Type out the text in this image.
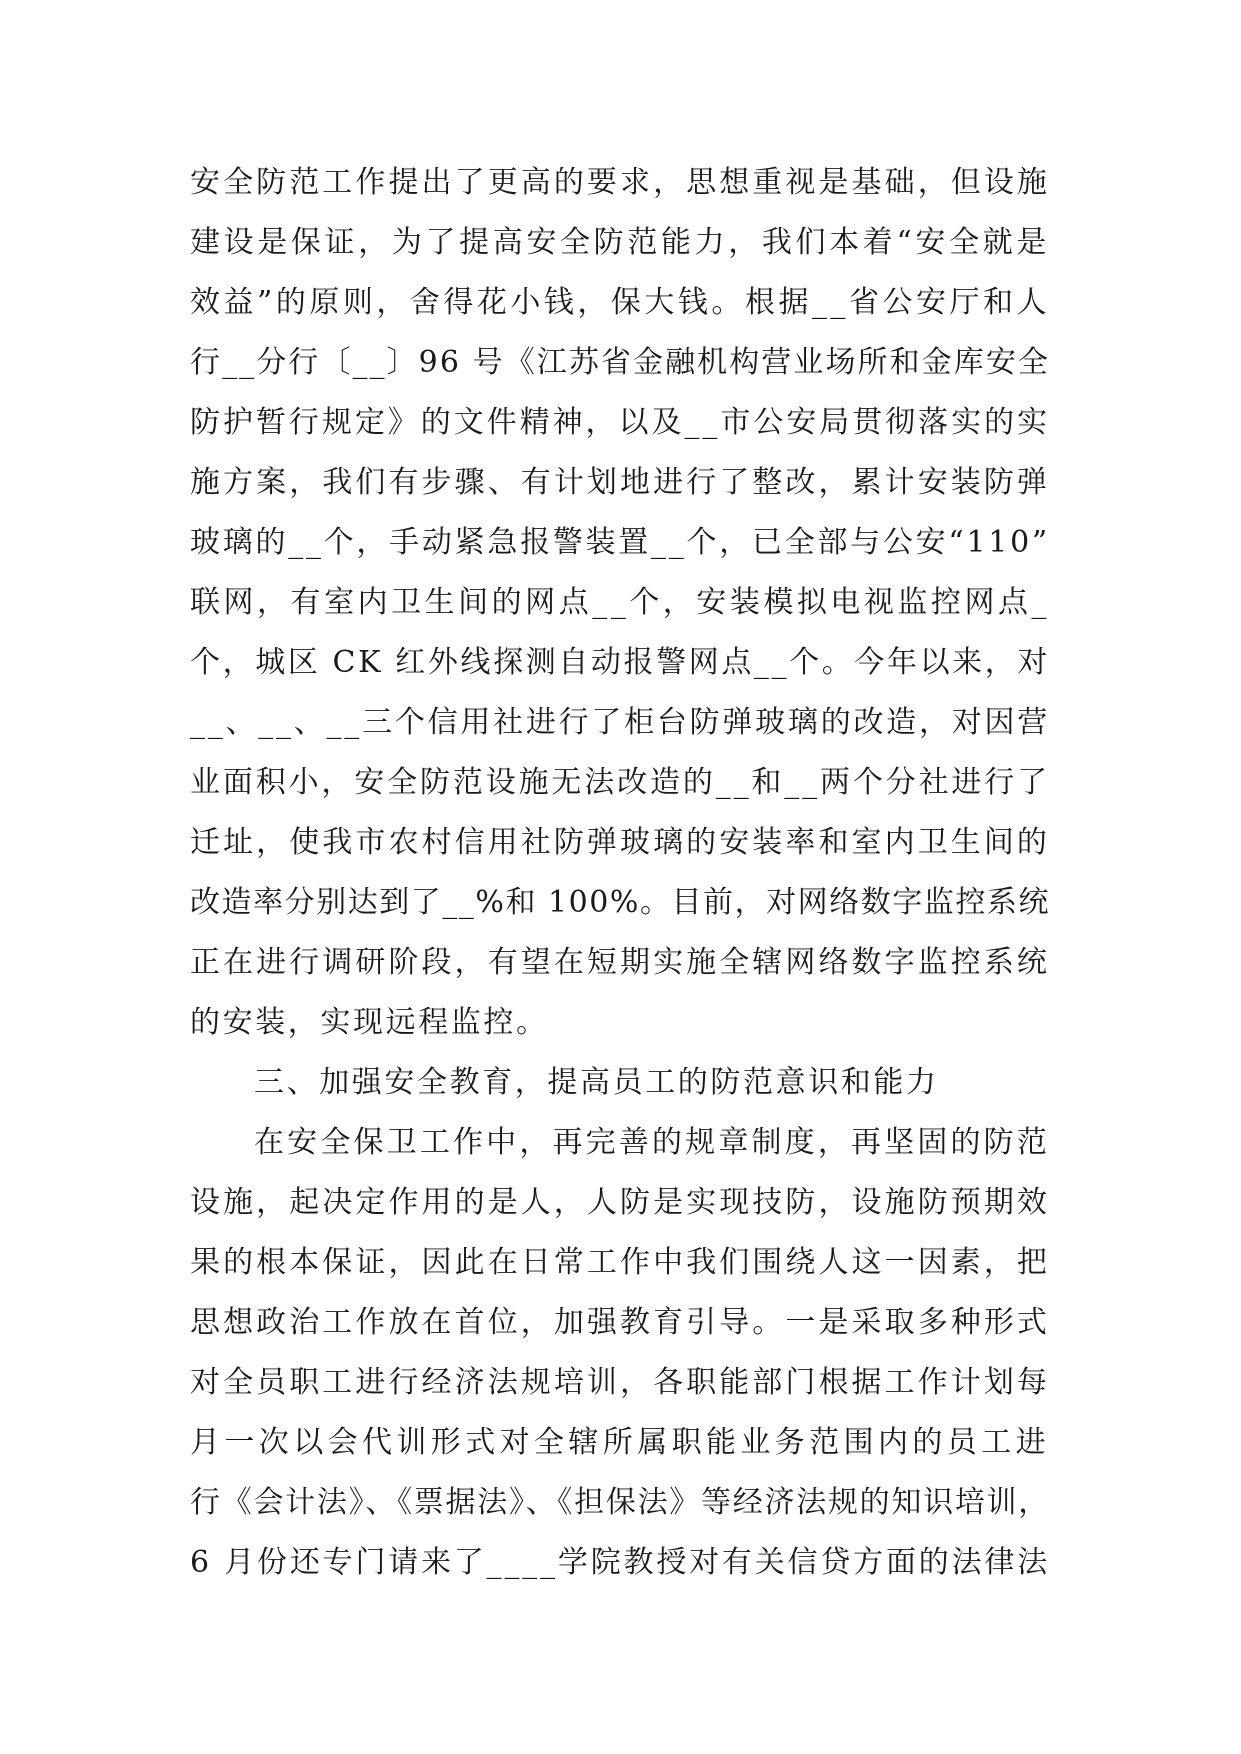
安全防范工作提出了更高的要求，思想重视是基础，但设施
建设是保证，为了提高安全防范能力，我们本着“安全就是
效益”的原则，舍得花小钱，保大钱。根据__省公安厅和人
行__分行〔__〕96 号《江苏省金融机构营业场所和金库安全
防护暂行规定》的文件精神，以及__市公安局贯彻落实的实
施方案，我们有步骤、有计划地进行了整改，累计安装防弹
玻璃的__个，手动紧急报警装置__个，已全部与公安“110”
联网，有室内卫生间的网点__个，安装模拟电视监控网点_
个，城区 CK 红外线探测自动报警网点__个。今年以来，对
__、__、__三个信用社进行了柜台防弹玻璃的改造，对因营
业面积小，安全防范设施无法改造的__和__两个分社进行了
迁址，使我市农村信用社防弹玻璃的安装率和室内卫生间的
改造率分别达到了__%和 100%。目前，对网络数字监控系统
正在进行调研阶段，有望在短期实施全辖网络数字监控系统
的安装，实现远程监控。
三、加强安全教育，提高员工的防范意识和能力
在安全保卫工作中，再完善的规章制度，再坚固的防范
设施，起决定作用的是人，人防是实现技防，设施防预期效
果的根本保证，因此在日常工作中我们围绕人这一因素，把
思想政治工作放在首位，加强教育引导。一是采取多种形式
对全员职工进行经济法规培训，各职能部门根据工作计划每
月一次以会代训形式对全辖所属职能业务范围内的员工进
行《会计法》、《票据法》、《担保法》等经济法规的知识培训，
6 月份还专门请来了____学院教授对有关信贷方面的法律法
